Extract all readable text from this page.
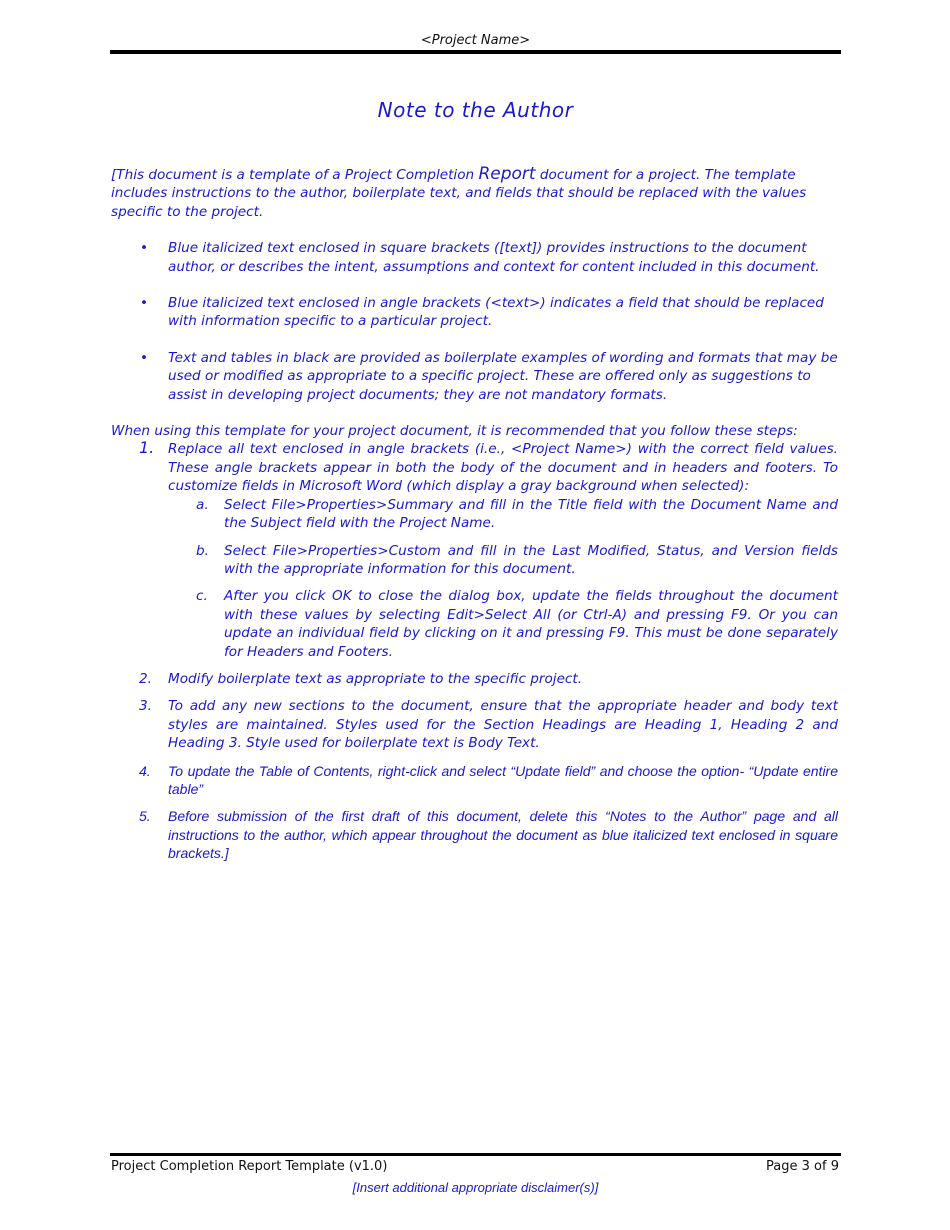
<Project Name>
Note to the Author

[This document is a template of a Project Completion Report document for a project. The template includes instructions to the author, boilerplate text, and fields that should be replaced with the values specific to the project.

• Blue italicized text enclosed in square brackets ([text]) provides instructions to the document author, or describes the intent, assumptions and context for content included in this document.
• Blue italicized text enclosed in angle brackets (<text>) indicates a field that should be replaced with information specific to a particular project.
• Text and tables in black are provided as boilerplate examples of wording and formats that may be used or modified as appropriate to a specific project. These are offered only as suggestions to assist in developing project documents; they are not mandatory formats.

When using this template for your project document, it is recommended that you follow these steps:

1. Replace all text enclosed in angle brackets (i.e., <Project Name>) with the correct field values. These angle brackets appear in both the body of the document and in headers and footers. To customize fields in Microsoft Word (which display a gray background when selected):
a. Select File>Properties>Summary and fill in the Title field with the Document Name and the Subject field with the Project Name.
b. Select File>Properties>Custom and fill in the Last Modified, Status, and Version fields with the appropriate information for this document.
c. After you click OK to close the dialog box, update the fields throughout the document with these values by selecting Edit>Select All (or Ctrl-A) and pressing F9. Or you can update an individual field by clicking on it and pressing F9. This must be done separately for Headers and Footers.
2. Modify boilerplate text as appropriate to the specific project.
3. To add any new sections to the document, ensure that the appropriate header and body text styles are maintained. Styles used for the Section Headings are Heading 1, Heading 2 and Heading 3. Style used for boilerplate text is Body Text.
4. To update the Table of Contents, right-click and select “Update field” and choose the option- “Update entire table”
5. Before submission of the first draft of this document, delete this “Notes to the Author” page and all instructions to the author, which appear throughout the document as blue italicized text enclosed in square brackets.]
Project Completion Report Template (v1.0)	Page 3 of 9
[Insert additional appropriate disclaimer(s)]
